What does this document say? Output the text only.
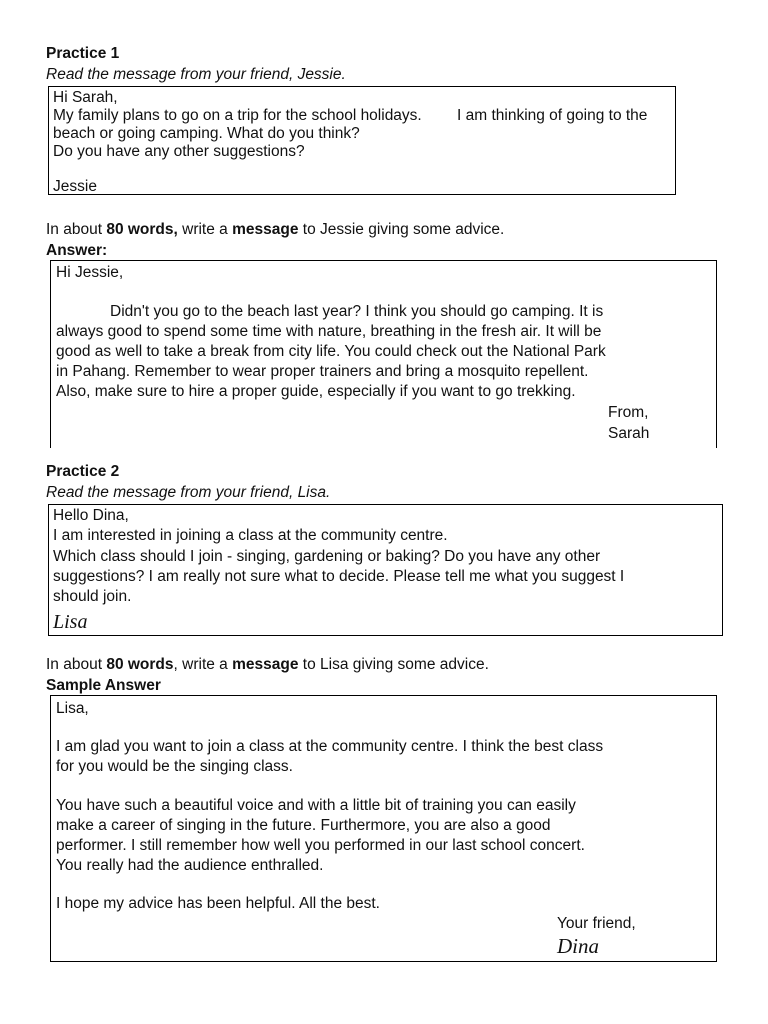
Practice 1
Read the message from your friend, Jessie.
Hi Sarah,
My family plans to go on a trip for the school holidays. I am thinking of going to the
beach or going camping. What do you think?
Do you have any other suggestions?
Jessie
In about 80 words, write a message to Jessie giving some advice.
Answer:
Hi Jessie,
Didn't you go to the beach last year? I think you should go camping. It is
always good to spend some time with nature, breathing in the fresh air. It will be
good as well to take a break from city life. You could check out the National Park
in Pahang. Remember to wear proper trainers and bring a mosquito repellent.
Also, make sure to hire a proper guide, especially if you want to go trekking.
From,
Sarah
Practice 2
Read the message from your friend, Lisa.
Hello Dina,
I am interested in joining a class at the community centre.
Which class should I join - singing, gardening or baking? Do you have any other
suggestions? I am really not sure what to decide. Please tell me what you suggest I
should join.
Lisa
In about 80 words, write a message to Lisa giving some advice.
Sample Answer
Lisa,
I am glad you want to join a class at the community centre. I think the best class
for you would be the singing class.
You have such a beautiful voice and with a little bit of training you can easily
make a career of singing in the future. Furthermore, you are also a good
performer. I still remember how well you performed in our last school concert.
You really had the audience enthralled.
I hope my advice has been helpful. All the best.
Your friend,
Dina
